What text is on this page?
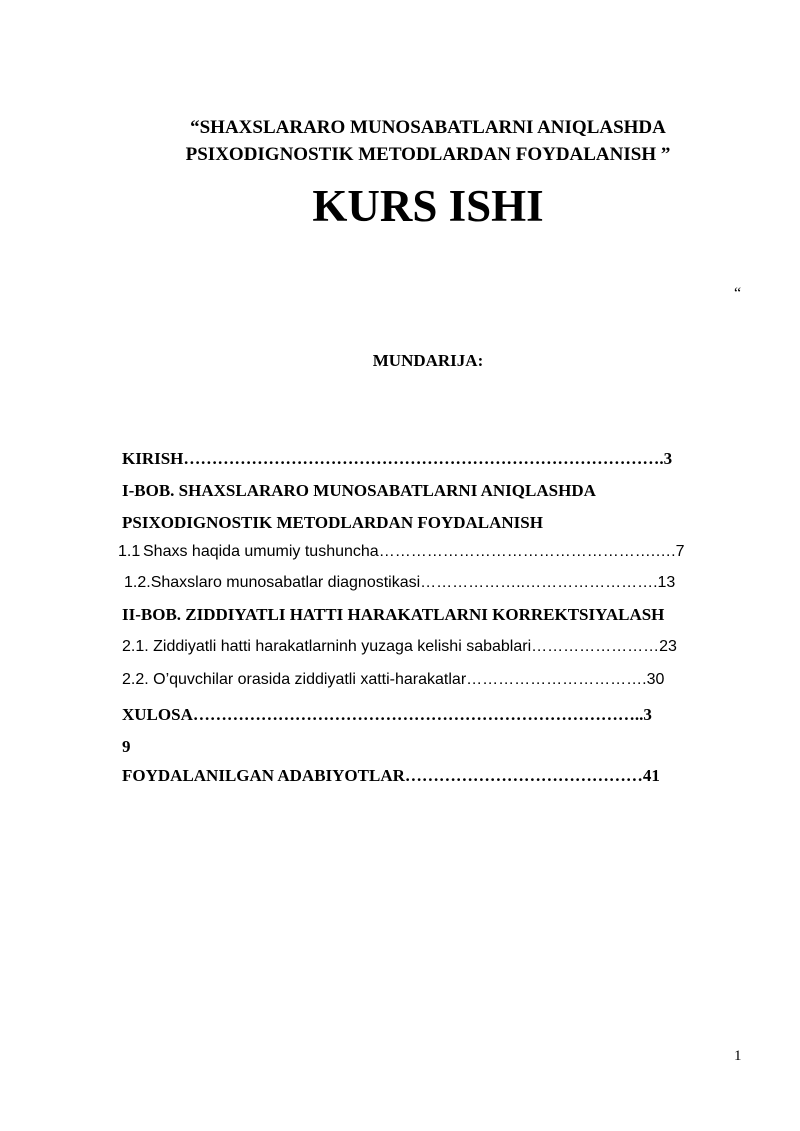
“SHAXSLARARO MUNOSABATLARNI ANIQLASHDA
PSIXODIGNOSTIK METODLARDAN FOYDALANISH ”
KURS ISHI
“
MUNDARIJA:
KIRISH………………………………………………………………………….3
I-BOB. SHAXSLARARO MUNOSABATLARNI ANIQLASHDA
PSIXODIGNOSTIK METODLARDAN FOYDALANISH
1.1 Shaxs haqida umumiy tushuncha…………………………………………….….7
1.2.Shaxslaro munosabatlar diagnostikasi………………..…………………….13
II-BOB. ZIDDIYATLI HATTI HARAKATLARNI KORREKTSIYALASH
2.1. Ziddiyatli hatti harakatlarninh yuzaga kelishi sabablari……………………23
2.2. O’quvchilar orasida ziddiyatli xatti-harakatlar…………………………….30
XULOSA……………………………………………………………………..3
9
FOYDALANILGAN ADABIYOTLAR……………………………………41
1
